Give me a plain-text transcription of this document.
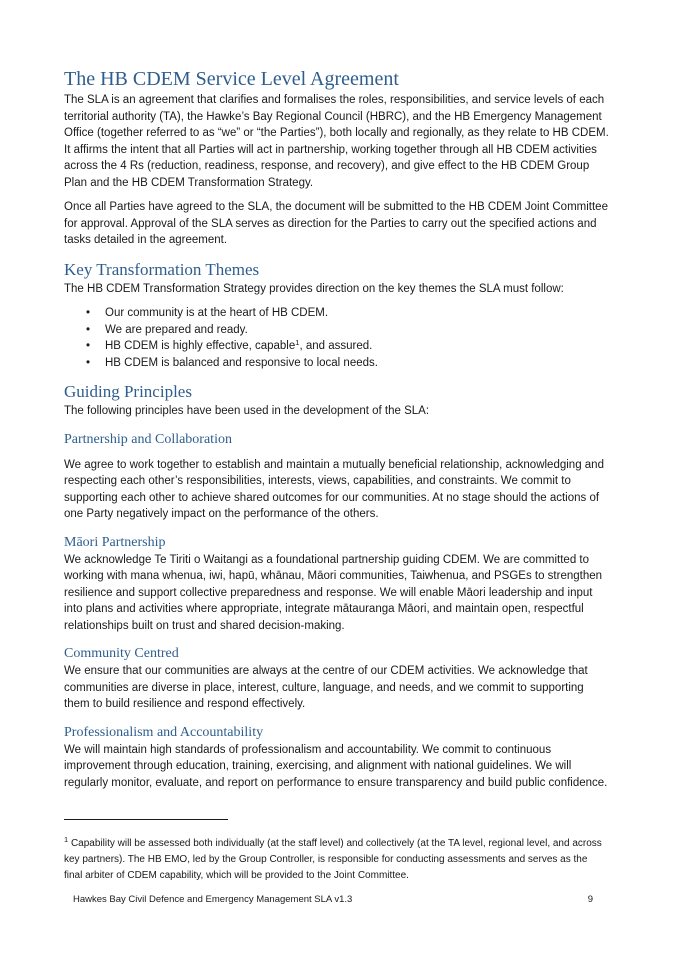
The HB CDEM Service Level Agreement

The SLA is an agreement that clarifies and formalises the roles, responsibilities, and service levels of each territorial authority (TA), the Hawke’s Bay Regional Council (HBRC), and the HB Emergency Management Office (together referred to as “we” or “the Parties”), both locally and regionally, as they relate to HB CDEM. It affirms the intent that all Parties will act in partnership, working together through all HB CDEM activities across the 4 Rs (reduction, readiness, response, and recovery), and give effect to the HB CDEM Group Plan and the HB CDEM Transformation Strategy.

Once all Parties have agreed to the SLA, the document will be submitted to the HB CDEM Joint Committee for approval. Approval of the SLA serves as direction for the Parties to carry out the specified actions and tasks detailed in the agreement.

Key Transformation Themes

The HB CDEM Transformation Strategy provides direction on the key themes the SLA must follow:

• Our community is at the heart of HB CDEM.
• We are prepared and ready.
• HB CDEM is highly effective, capable$^1$, and assured.
• HB CDEM is balanced and responsive to local needs.
Guiding Principles

The following principles have been used in the development of the SLA:

Partnership and Collaboration

We agree to work together to establish and maintain a mutually beneficial relationship, acknowledging and respecting each other’s responsibilities, interests, views, capabilities, and constraints. We commit to supporting each other to achieve shared outcomes for our communities. At no stage should the actions of one Party negatively impact on the performance of the others.

Māori Partnership

We acknowledge Te Tiriti o Waitangi as a foundational partnership guiding CDEM. We are committed to working with mana whenua, iwi, hapū, whānau, Māori communities, Taiwhenua, and PSGEs to strengthen resilience and support collective preparedness and response. We will enable Māori leadership and input into plans and activities where appropriate, integrate mātauranga Māori, and maintain open, respectful relationships built on trust and shared decision-making.

Community Centred

We ensure that our communities are always at the centre of our CDEM activities. We acknowledge that communities are diverse in place, interest, culture, language, and needs, and we commit to supporting them to build resilience and respond effectively.

Professionalism and Accountability

We will maintain high standards of professionalism and accountability. We commit to continuous improvement through education, training, exercising, and alignment with national guidelines. We will regularly monitor, evaluate, and report on performance to ensure transparency and build public confidence.

$^1$ Capability will be assessed both individually (at the staff level) and collectively (at the TA level, regional level, and across key partners). The HB EMO, led by the Group Controller, is responsible for conducting assessments and serves as the final arbiter of CDEM capability, which will be provided to the Joint Committee.
Hawkes Bay Civil Defence and Emergency Management SLA v1.3	9
